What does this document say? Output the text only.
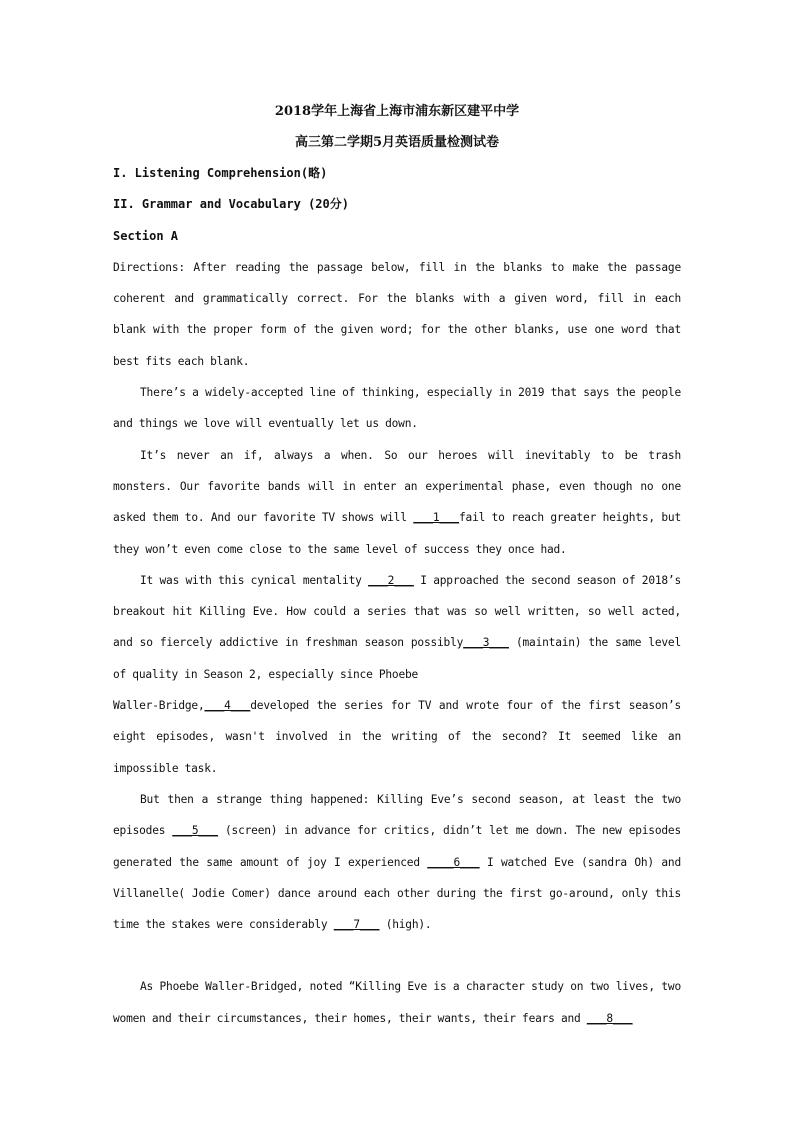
2018学年上海省上海市浦东新区建平中学
高三第二学期5月英语质量检测试卷
I. Listening Comprehension(略)
II. Grammar and Vocabulary (20分)
Section A

Directions: After reading the passage below, fill in the blanks to make the passage coherent and grammatically correct. For the blanks with a given word, fill in each blank with the proper form of the given word; for the other blanks, use one word that best fits each blank.

There’s a widely-accepted line of thinking, especially in 2019 that says the people and things we love will eventually let us down.

It’s never an if, always a when. So our heroes will inevitably to be trash monsters. Our favorite bands will in enter an experimental phase, even though no one asked them to. And our favorite TV shows will ___1___fail to reach greater heights, but they won’t even come close to the same level of success they once had.

It was with this cynical mentality ___2___ I approached the second season of 2018’s breakout hit Killing Eve. How could a series that was so well written, so well acted, and so fiercely addictive in freshman season possibly___3___ (maintain) the same level of quality in Season 2, especially since Phoebe

Waller-Bridge,___4___developed the series for TV and wrote four of the first season’s eight episodes, wasn't involved in the writing of the second? It seemed like an impossible task.

But then a strange thing happened: Killing Eve’s second season, at least the two episodes ___5___ (screen) in advance for critics, didn’t let me down. The new episodes generated the same amount of joy I experienced ____6___ I watched Eve (sandra Oh) and Villanelle( Jodie Comer) dance around each other during the first go-around, only this time the stakes were considerably ___7___ (high).

As Phoebe Waller-Bridged, noted “Killing Eve is a character study on two lives, two women and their circumstances, their homes, their wants, their fears and ___8___
